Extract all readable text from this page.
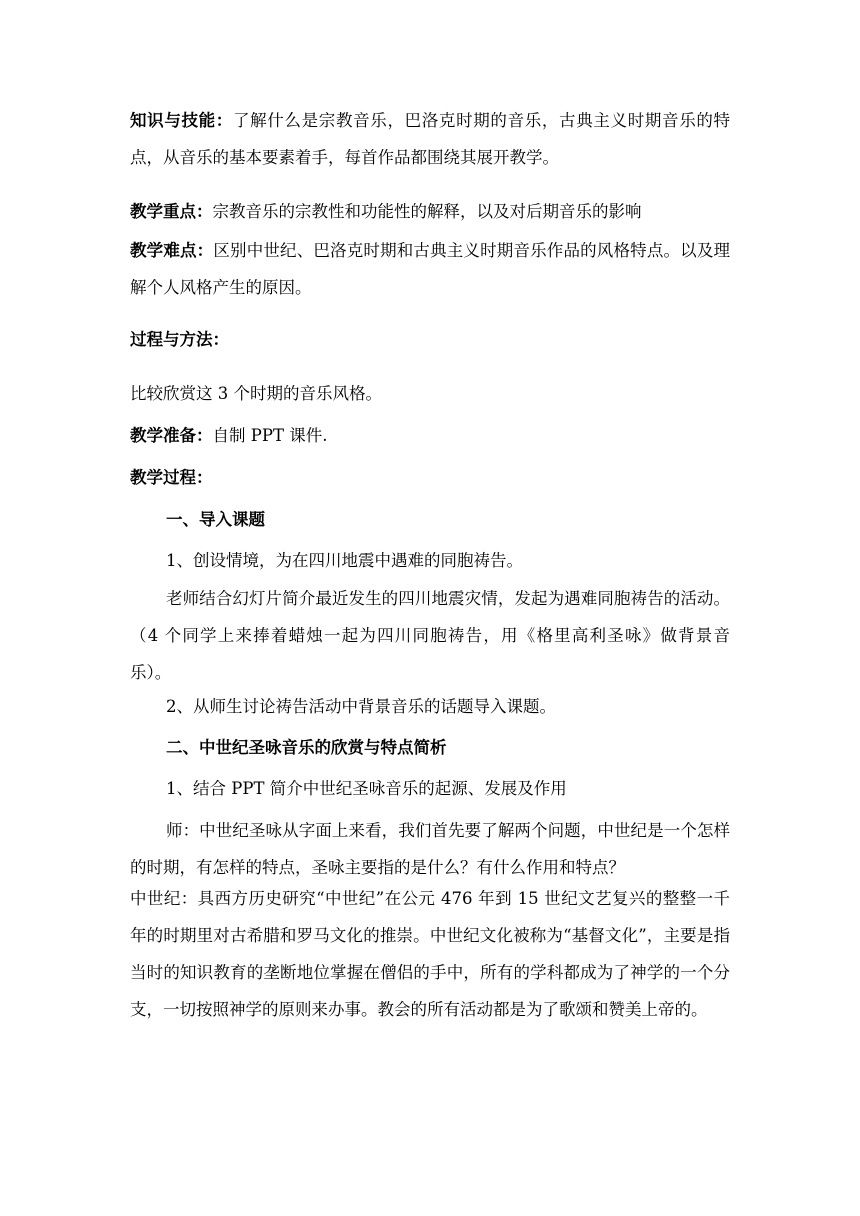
知识与技能：了解什么是宗教音乐，巴洛克时期的音乐，古典主义时期音乐的特点，从音乐的基本要素着手，每首作品都围绕其展开教学。

教学重点：宗教音乐的宗教性和功能性的解释，以及对后期音乐的影响

教学难点：区别中世纪、巴洛克时期和古典主义时期音乐作品的风格特点。以及理解个人风格产生的原因。

过程与方法：

比较欣赏这 3 个时期的音乐风格。

教学准备：自制 PPT 课件.

教学过程：

一、导入课题

1、创设情境，为在四川地震中遇难的同胞祷告。

老师结合幻灯片简介最近发生的四川地震灾情，发起为遇难同胞祷告的活动。（4 个同学上来捧着蜡烛一起为四川同胞祷告，用《格里高利圣咏》做背景音乐）。

2、从师生讨论祷告活动中背景音乐的话题导入课题。

二、中世纪圣咏音乐的欣赏与特点简析

1、结合 PPT 简介中世纪圣咏音乐的起源、发展及作用

师：中世纪圣咏从字面上来看，我们首先要了解两个问题，中世纪是一个怎样的时期，有怎样的特点，圣咏主要指的是什么？有什么作用和特点？

中世纪：具西方历史研究“中世纪”在公元 476 年到 15 世纪文艺复兴的整整一千年的时期里对古希腊和罗马文化的推崇。中世纪文化被称为“基督文化”，主要是指当时的知识教育的垄断地位掌握在僧侣的手中，所有的学科都成为了神学的一个分支，一切按照神学的原则来办事。教会的所有活动都是为了歌颂和赞美上帝的。
